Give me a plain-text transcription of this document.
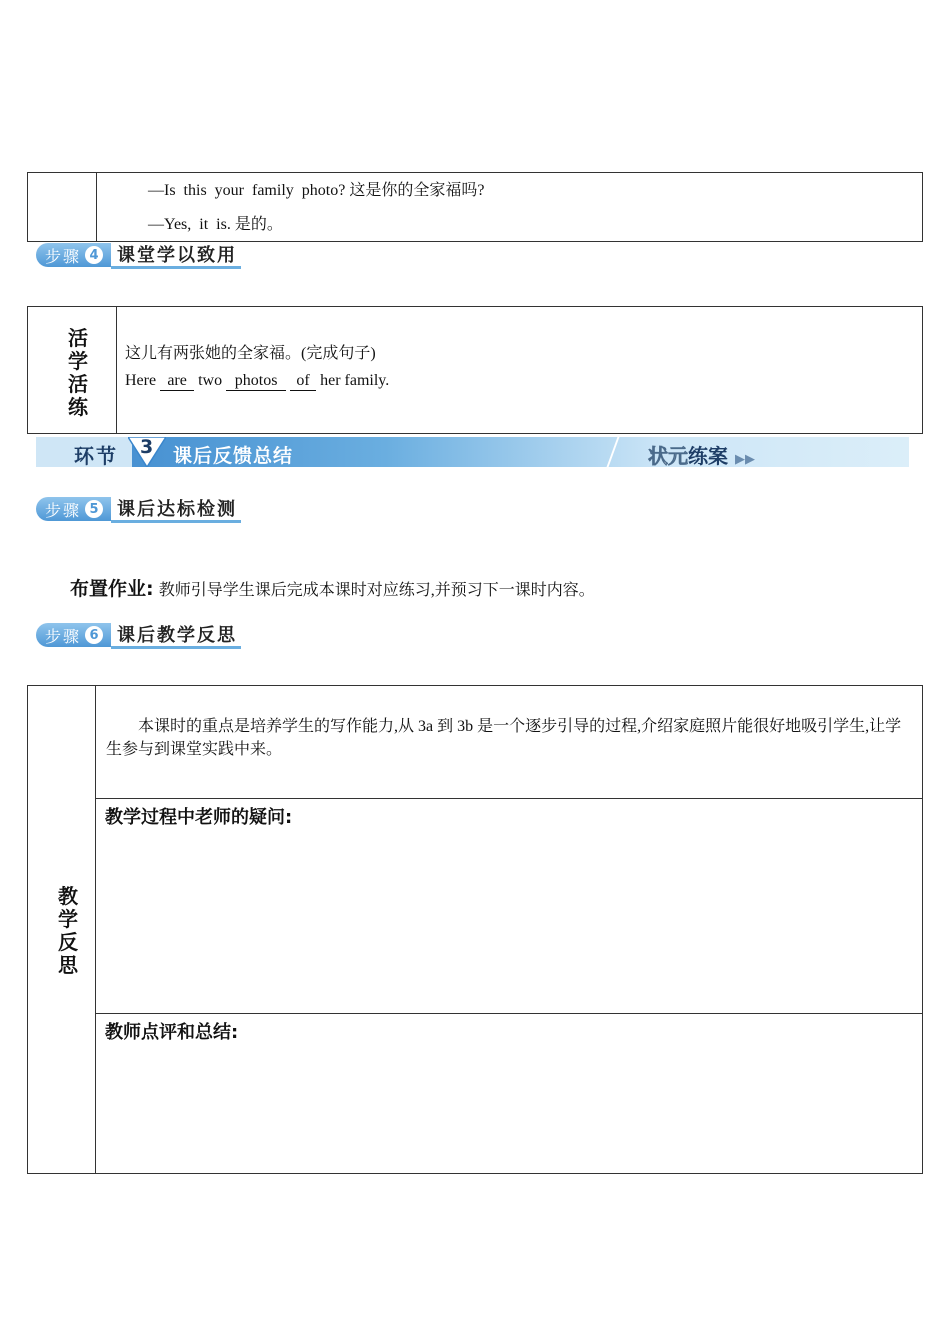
—Is  this  your  family  photo? 这是你的全家福吗?
—Yes,  it  is. 是的。
步骤 4	课堂学以致用
活学活练
这儿有两张她的全家福。(完成句子)
Here are two photos of her family.
环节 3 课后反馈总结	状元练案 ▶▶
步骤 5	课后达标检测
布置作业: 教师引导学生课后完成本课时对应练习,并预习下一课时内容。
步骤 6	课后教学反思
教学反思
本课时的重点是培养学生的写作能力,从 3a 到 3b 是一个逐步引导的过程,介绍家庭照片能很好地吸引学生,让学生参与到课堂实践中来。
教学过程中老师的疑问:
教师点评和总结:
